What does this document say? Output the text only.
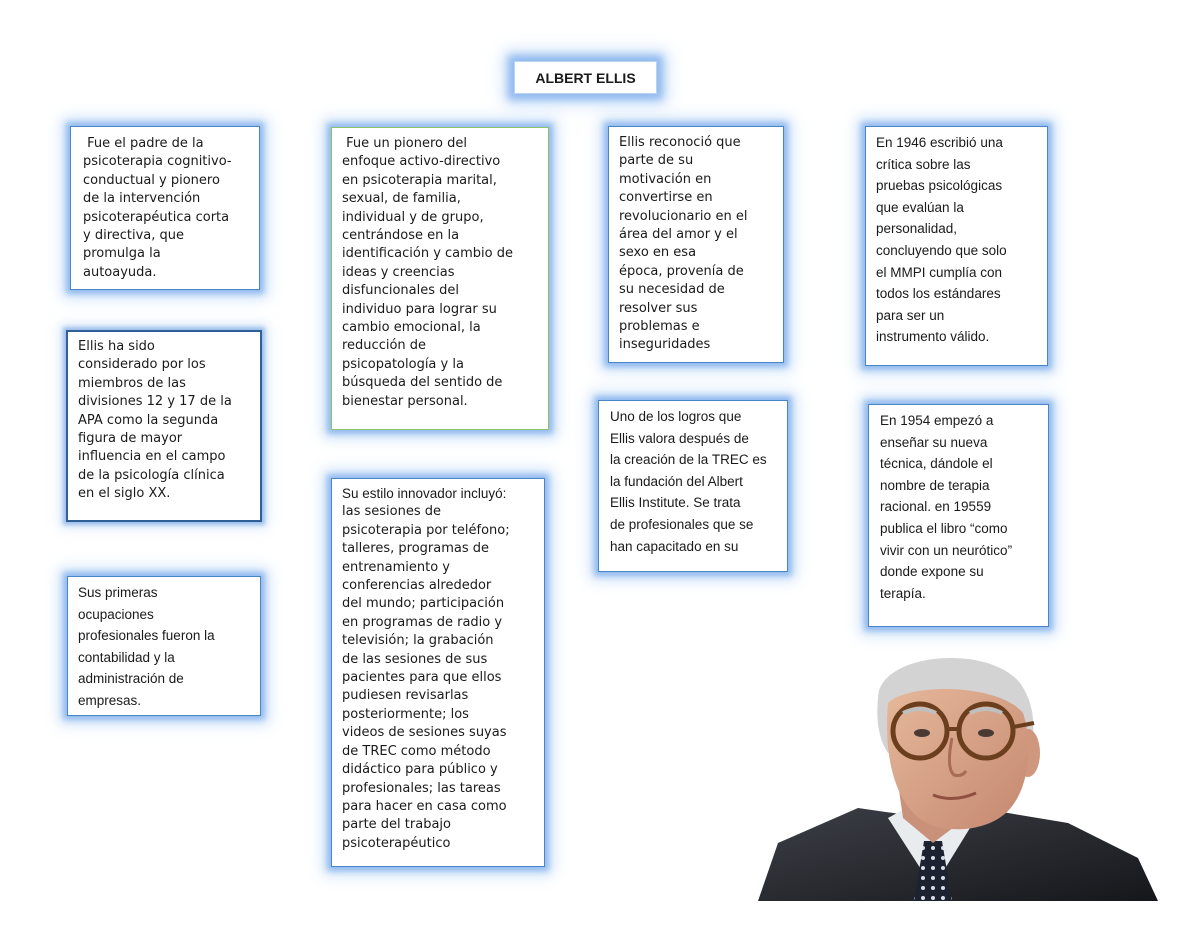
ALBERT ELLIS

Fue el padre de la
psicoterapia cognitivo-
conductual y pionero
de la intervención
psicoterapéutica corta
y directiva, que
promulga la
autoayuda.

Ellis ha sido
considerado por los
miembros de las
divisiones 12 y 17 de la
APA como la segunda
figura de mayor
influencia en el campo
de la psicología clínica
en el siglo XX.

Sus primeras
ocupaciones
profesionales fueron la
contabilidad y la
administración de
empresas.

Fue un pionero del
enfoque activo-directivo
en psicoterapia marital,
sexual, de familia,
individual y de grupo,
centrándose en la
identificación y cambio de
ideas y creencias
disfuncionales del
individuo para lograr su
cambio emocional, la
reducción de
psicopatología y la
búsqueda del sentido de
bienestar personal.

Su estilo innovador incluyó:

las sesiones de
psicoterapia por teléfono;
talleres, programas de
entrenamiento y
conferencias alrededor
del mundo; participación
en programas de radio y
televisión; la grabación
de las sesiones de sus
pacientes para que ellos
pudiesen revisarlas
posteriormente; los
videos de sesiones suyas
de TREC como método
didáctico para público y
profesionales; las tareas
para hacer en casa como
parte del trabajo
psicoterapéutico

Ellis reconoció que
parte de su
motivación en
convertirse en
revolucionario en el
área del amor y el
sexo en esa
época, provenía de
su necesidad de
resolver sus
problemas e
inseguridades

Uno de los logros que
Ellis valora después de
la creación de la TREC es
la fundación del Albert
Ellis Institute. Se trata
de profesionales que se
han capacitado en su

En 1946 escribió una
crítica sobre las
pruebas psicológicas
que evalúan la
personalidad,
concluyendo que solo
el MMPI cumplía con
todos los estándares
para ser un
instrumento válido.

En 1954 empezó a
enseñar su nueva
técnica, dándole el
nombre de terapia
racional. en 19559
publica el libro “como
vivir con un neurótico”
donde expone su
terapía.
